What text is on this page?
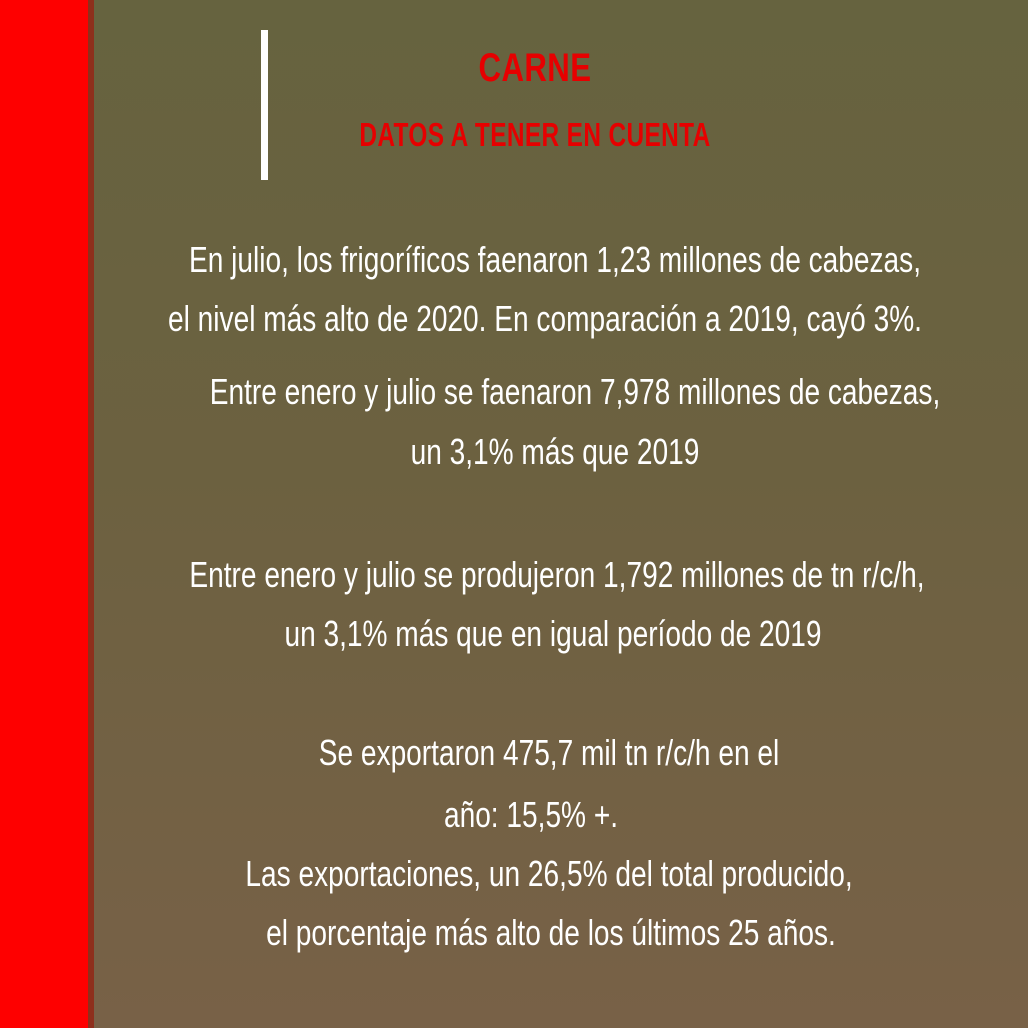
CARNE
DATOS A TENER EN CUENTA
En julio, los frigoríficos faenaron 1,23 millones de cabezas,
el nivel más alto de 2020. En comparación a 2019, cayó 3%.
Entre enero y julio se faenaron 7,978 millones de cabezas,
un 3,1% más que 2019
Entre enero y julio se produjeron 1,792 millones de tn r/c/h,
un 3,1% más que en igual período de 2019
Se exportaron 475,7 mil tn r/c/h en el
año: 15,5% +.
Las exportaciones, un 26,5% del total producido,
el porcentaje más alto de los últimos 25 años.
